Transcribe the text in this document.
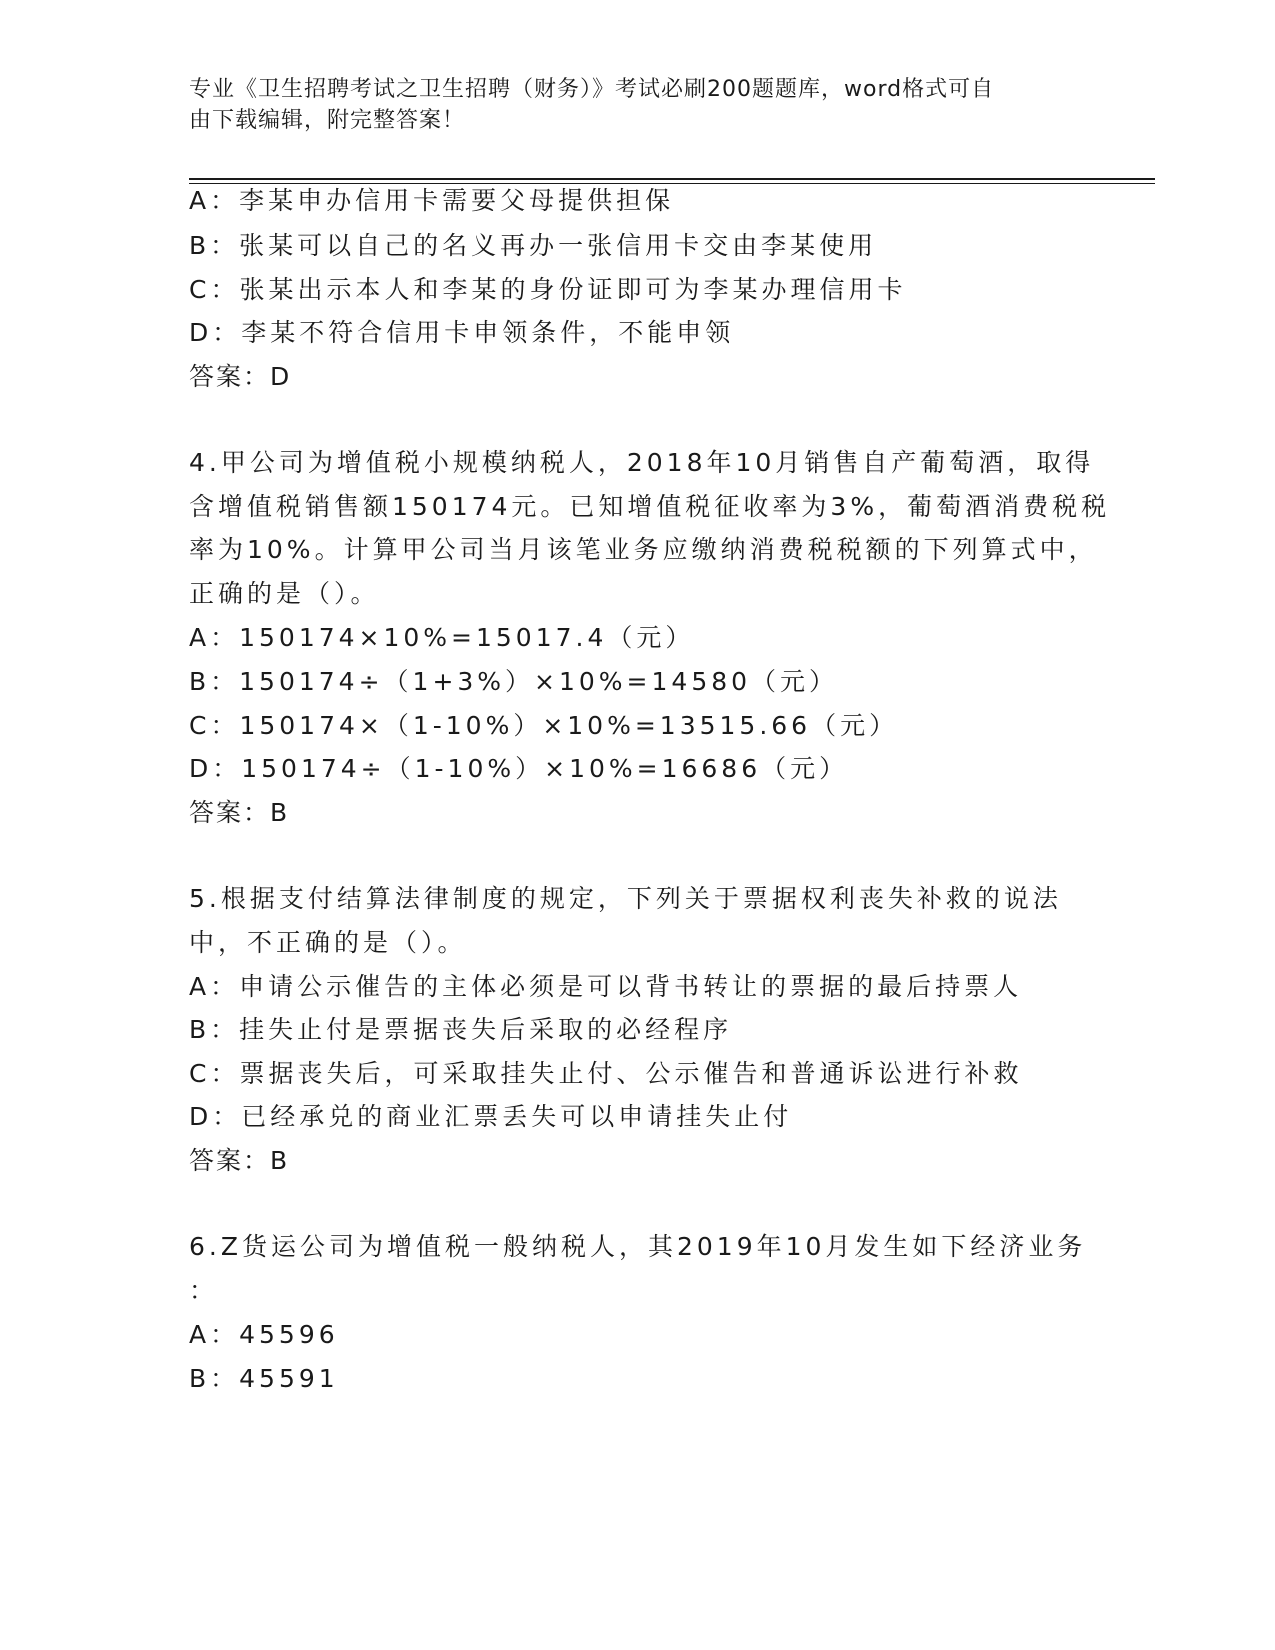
专业《卫生招聘考试之卫生招聘（财务）》考试必刷200题题库，word格式可自
由下载编辑，附完整答案！
A：李某申办信用卡需要父母提供担保
B：张某可以自己的名义再办一张信用卡交由李某使用
C：张某出示本人和李某的身份证即可为李某办理信用卡
D：李某不符合信用卡申领条件，不能申领
答案：D
4.甲公司为增值税小规模纳税人，2018年10月销售自产葡萄酒，取得
含增值税销售额150174元。已知增值税征收率为3%，葡萄酒消费税税
率为10%。计算甲公司当月该笔业务应缴纳消费税税额的下列算式中，
正确的是（）。
A：150174×10%=15017.4（元）
B：150174÷（1+3%）×10%=14580（元）
C：150174×（1-10%）×10%=13515.66（元）
D：150174÷（1-10%）×10%=16686（元）
答案：B
5.根据支付结算法律制度的规定，下列关于票据权利丧失补救的说法
中，不正确的是（）。
A：申请公示催告的主体必须是可以背书转让的票据的最后持票人
B：挂失止付是票据丧失后采取的必经程序
C：票据丧失后，可采取挂失止付、公示催告和普通诉讼进行补救
D：已经承兑的商业汇票丢失可以申请挂失止付
答案：B
6.Z货运公司为增值税一般纳税人，其2019年10月发生如下经济业务
：
A：45596
B：45591
